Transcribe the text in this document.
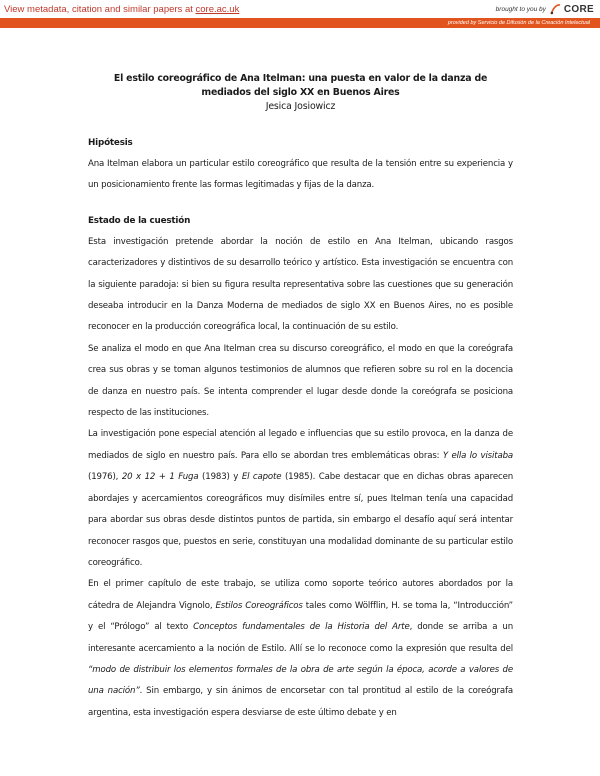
View metadata, citation and similar papers at core.ac.uk	brought to you by CORE
provided by Servicio de Difusión de la Creación Intelectual
El estilo coreográfico de Ana Itelman: una puesta en valor de la danza de mediados del siglo XX en Buenos Aires
Jesica Josiowicz
Hipótesis

Ana Itelman elabora un particular estilo coreográfico que resulta de la tensión entre su experiencia y un posicionamiento frente las formas legitimadas y fijas de la danza.

Estado de la cuestión

Esta investigación pretende abordar la noción de estilo en Ana Itelman, ubicando rasgos caracterizadores y distintivos de su desarrollo teórico y artístico. Esta investigación se encuentra con la siguiente paradoja: si bien su figura resulta representativa sobre las cuestiones que su generación deseaba introducir en la Danza Moderna de mediados de siglo XX en Buenos Aires, no es posible reconocer en la producción coreográfica local, la continuación de su estilo.

Se analiza el modo en que Ana Itelman crea su discurso coreográfico, el modo en que la coreógrafa crea sus obras y se toman algunos testimonios de alumnos que refieren sobre su rol en la docencia de danza en nuestro país. Se intenta comprender el lugar desde donde la coreógrafa se posiciona respecto de las instituciones.

La investigación pone especial atención al legado e influencias que su estilo provoca, en la danza de mediados de siglo en nuestro país. Para ello se abordan tres emblemáticas obras: Y ella lo visitaba (1976), 20 x 12 + 1 Fuga (1983) y El capote (1985). Cabe destacar que en dichas obras aparecen abordajes y acercamientos coreográficos muy disímiles entre sí, pues Itelman tenía una capacidad para abordar sus obras desde distintos puntos de partida, sin embargo el desafío aquí será intentar reconocer rasgos que, puestos en serie, constituyan una modalidad dominante de su particular estilo coreográfico.

En el primer capítulo de este trabajo, se utiliza como soporte teórico autores abordados por la cátedra de Alejandra Vignolo, Estilos Coreográficos tales como Wölfflin, H. se toma la, “Introducción” y el “Prólogo” al texto Conceptos fundamentales de la Historia del Arte, donde se arriba a un interesante acercamiento a la noción de Estilo. Allí se lo reconoce como la expresión que resulta del “modo de distribuir los elementos formales de la obra de arte según la época, acorde a valores de una nación”. Sin embargo, y sin ánimos de encorsetar con tal prontitud al estilo de la coreógrafa argentina, esta investigación espera desviarse de este último debate y en
